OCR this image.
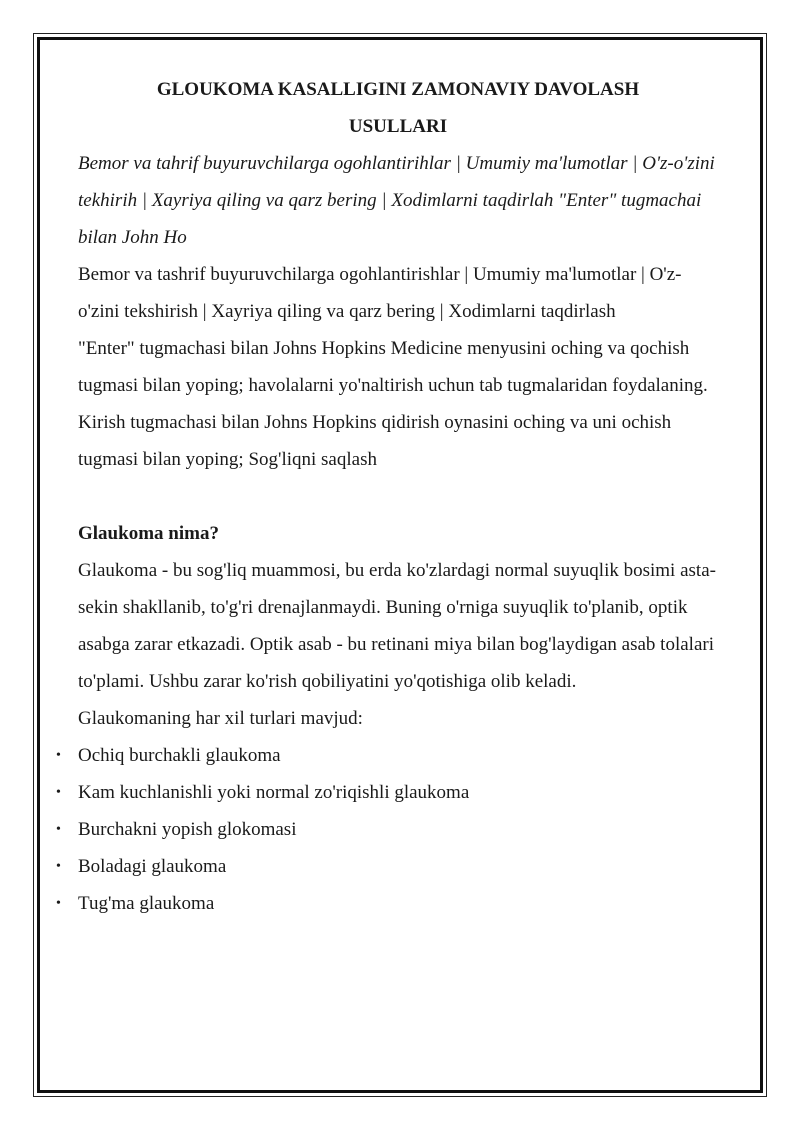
GLOUKOMA KASALLIGINI ZAMONAVIY DAVOLASH USULLARI

Bemor va tahrif buyuruvchilarga ogohlantirihlar | Umumiy ma'lumotlar | O'z-o'zini tekhirih | Xayriya qiling va qarz bering | Xodimlarni taqdirlah "Enter" tugmachai bilan John Ho

Bemor va tashrif buyuruvchilarga ogohlantirishlar | Umumiy ma'lumotlar | O'z-o'zini tekshirish | Xayriya qiling va qarz bering | Xodimlarni taqdirlash

"Enter" tugmachasi bilan Johns Hopkins Medicine menyusini oching va qochish tugmasi bilan yoping; havolalarni yo'naltirish uchun tab tugmalaridan foydalaning. Kirish tugmachasi bilan Johns Hopkins qidirish oynasini oching va uni ochish tugmasi bilan yoping; Sog'liqni saqlash

Glaukoma nima?

Glaukoma - bu sog'liq muammosi, bu erda ko'zlardagi normal suyuqlik bosimi asta-sekin shakllanib, to'g'ri drenajlanmaydi. Buning o'rniga suyuqlik to'planib, optik asabga zarar etkazadi. Optik asab - bu retinani miya bilan bog'laydigan asab tolalari to'plami. Ushbu zarar ko'rish qobiliyatini yo'qotishiga olib keladi.

Glaukomaning har xil turlari mavjud:

• Ochiq burchakli glaukoma
• Kam kuchlanishli yoki normal zo'riqishli glaukoma
• Burchakni yopish glokomasi
• Boladagi glaukoma
• Tug'ma glaukoma
